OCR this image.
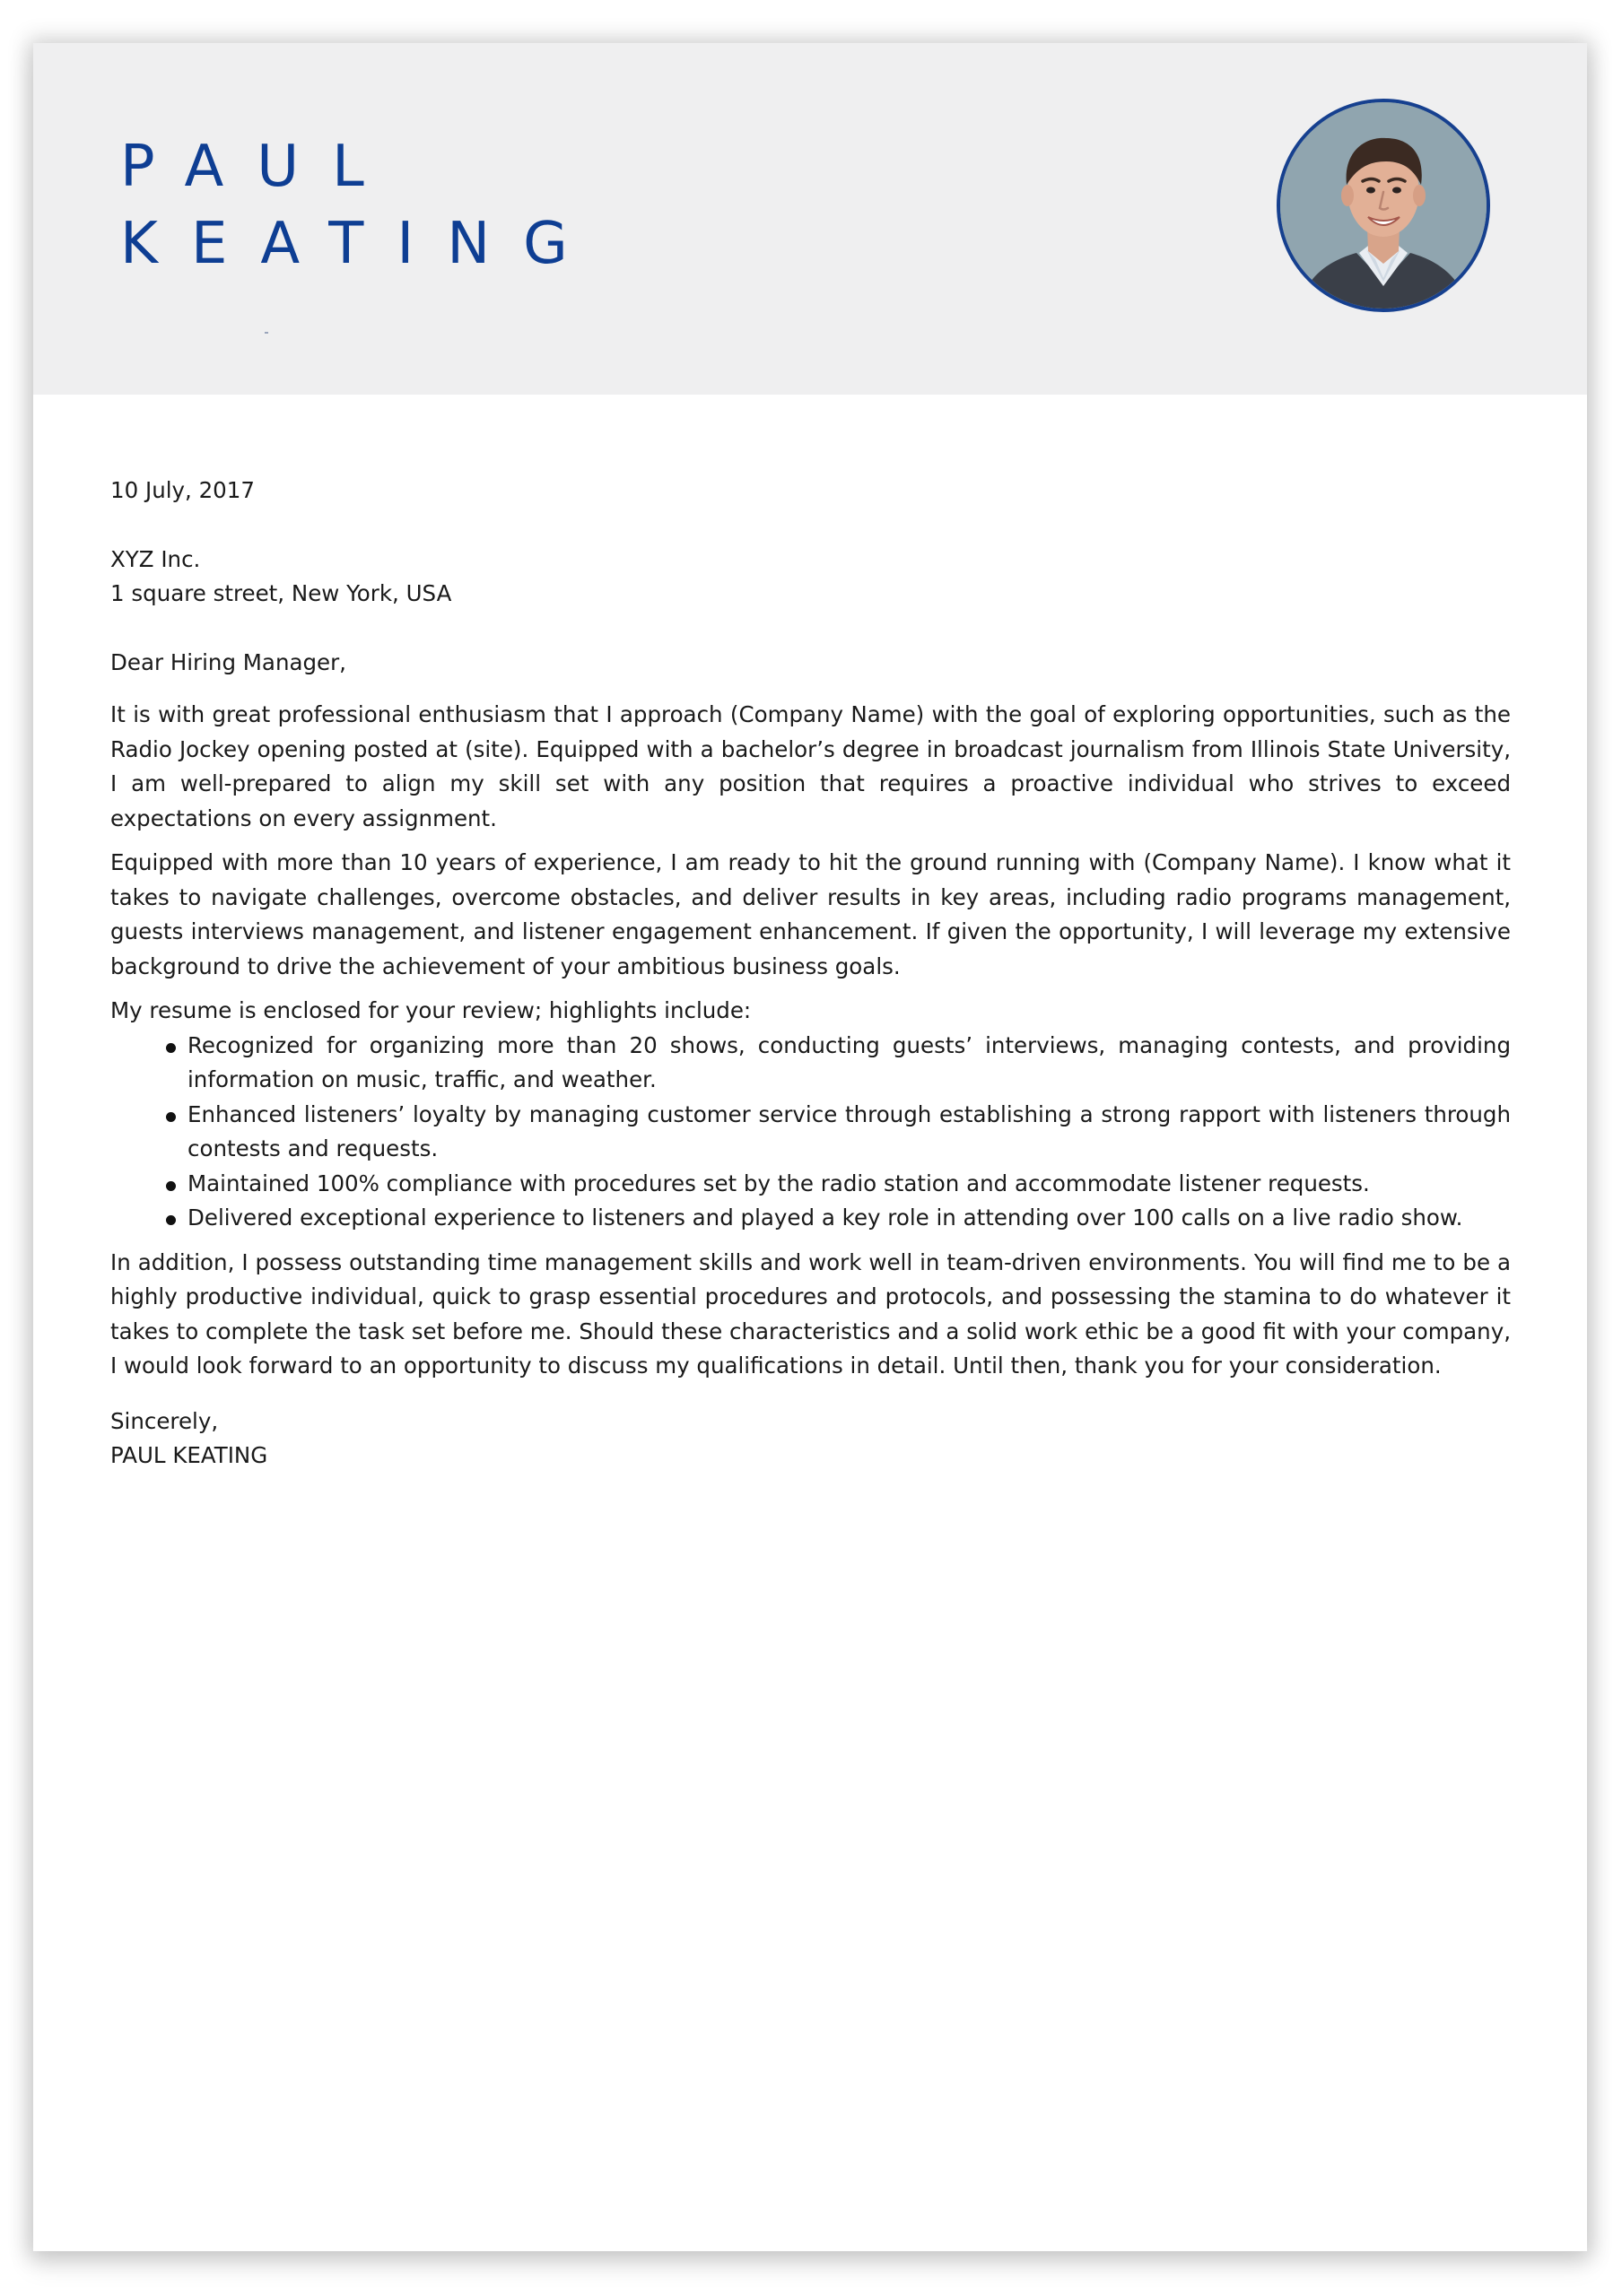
PAUL
KEATING

10 July, 2017

XYZ Inc.

1 square street, New York, USA

Dear Hiring Manager,

It is with great professional enthusiasm that I approach (Company Name) with the goal of exploring opportunities, such as the Radio Jockey opening posted at (site). Equipped with a bachelor’s degree in broadcast journalism from Illinois State University, I am well-prepared to align my skill set with any position that requires a proactive individual who strives to exceed expectations on every assignment.

Equipped with more than 10 years of experience, I am ready to hit the ground running with (Company Name). I know what it takes to navigate challenges, overcome obstacles, and deliver results in key areas, including radio programs management, guests interviews management, and listener engagement enhancement. If given the opportunity, I will leverage my extensive background to drive the achievement of your ambitious business goals.

My resume is enclosed for your review; highlights include:

Recognized for organizing more than 20 shows, conducting guests’ interviews, managing contests, and providing information on music, traffic, and weather.
Enhanced listeners’ loyalty by managing customer service through establishing a strong rapport with listeners through contests and requests.
Maintained 100% compliance with procedures set by the radio station and accommodate listener requests.
Delivered exceptional experience to listeners and played a key role in attending over 100 calls on a live radio show.

In addition, I possess outstanding time management skills and work well in team-driven environments. You will find me to be a highly productive individual, quick to grasp essential procedures and protocols, and possessing the stamina to do whatever it takes to complete the task set before me. Should these characteristics and a solid work ethic be a good fit with your company, I would look forward to an opportunity to discuss my qualifications in detail. Until then, thank you for your consideration.

Sincerely,

PAUL KEATING
